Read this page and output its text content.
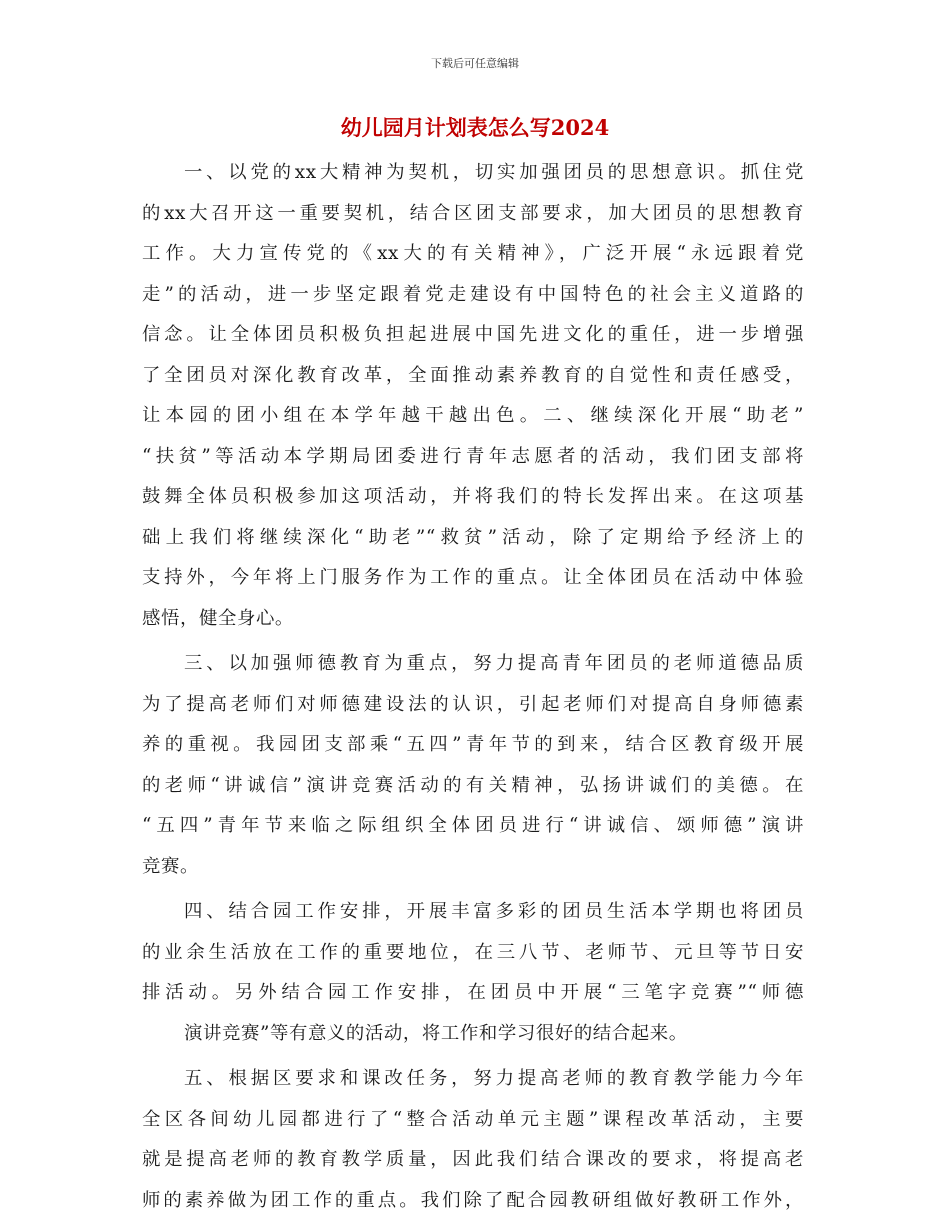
下载后可任意编辑
幼儿园月计划表怎么写2024
一、以党的xx大精神为契机，切实加强团员的思想意识。抓住党
的xx大召开这一重要契机，结合区团支部要求，加大团员的思想教育
工作。大力宣传党的《xx大的有关精神》，广泛开展“永远跟着党
走”的活动，进一步坚定跟着党走建设有中国特色的社会主义道路的
信念。让全体团员积极负担起进展中国先进文化的重任，进一步增强
了全团员对深化教育改革，全面推动素养教育的自觉性和责任感受，
让本园的团小组在本学年越干越出色。二、继续深化开展“助老”
“扶贫”等活动本学期局团委进行青年志愿者的活动，我们团支部将
鼓舞全体员积极参加这项活动，并将我们的特长发挥出来。在这项基
础上我们将继续深化“助老”“救贫”活动，除了定期给予经济上的
支持外，今年将上门服务作为工作的重点。让全体团员在活动中体验
感悟，健全身心。
三、以加强师德教育为重点，努力提高青年团员的老师道德品质
为了提高老师们对师德建设法的认识，引起老师们对提高自身师德素
养的重视。我园团支部乘“五四”青年节的到来，结合区教育级开展
的老师“讲诚信”演讲竞赛活动的有关精神，弘扬讲诚们的美德。在
“五四”青年节来临之际组织全体团员进行“讲诚信、颂师德”演讲
竞赛。
四、结合园工作安排，开展丰富多彩的团员生活本学期也将团员
的业余生活放在工作的重要地位，在三八节、老师节、元旦等节日安
排活动。另外结合园工作安排，在团员中开展“三笔字竞赛”“师德
演讲竞赛”等有意义的活动，将工作和学习很好的结合起来。
五、根据区要求和课改任务，努力提高老师的教育教学能力今年
全区各间幼儿园都进行了“整合活动单元主题”课程改革活动，主要
就是提高老师的教育教学质量，因此我们结合课改的要求，将提高老
师的素养做为团工作的重点。我们除了配合园教研组做好教研工作外，
